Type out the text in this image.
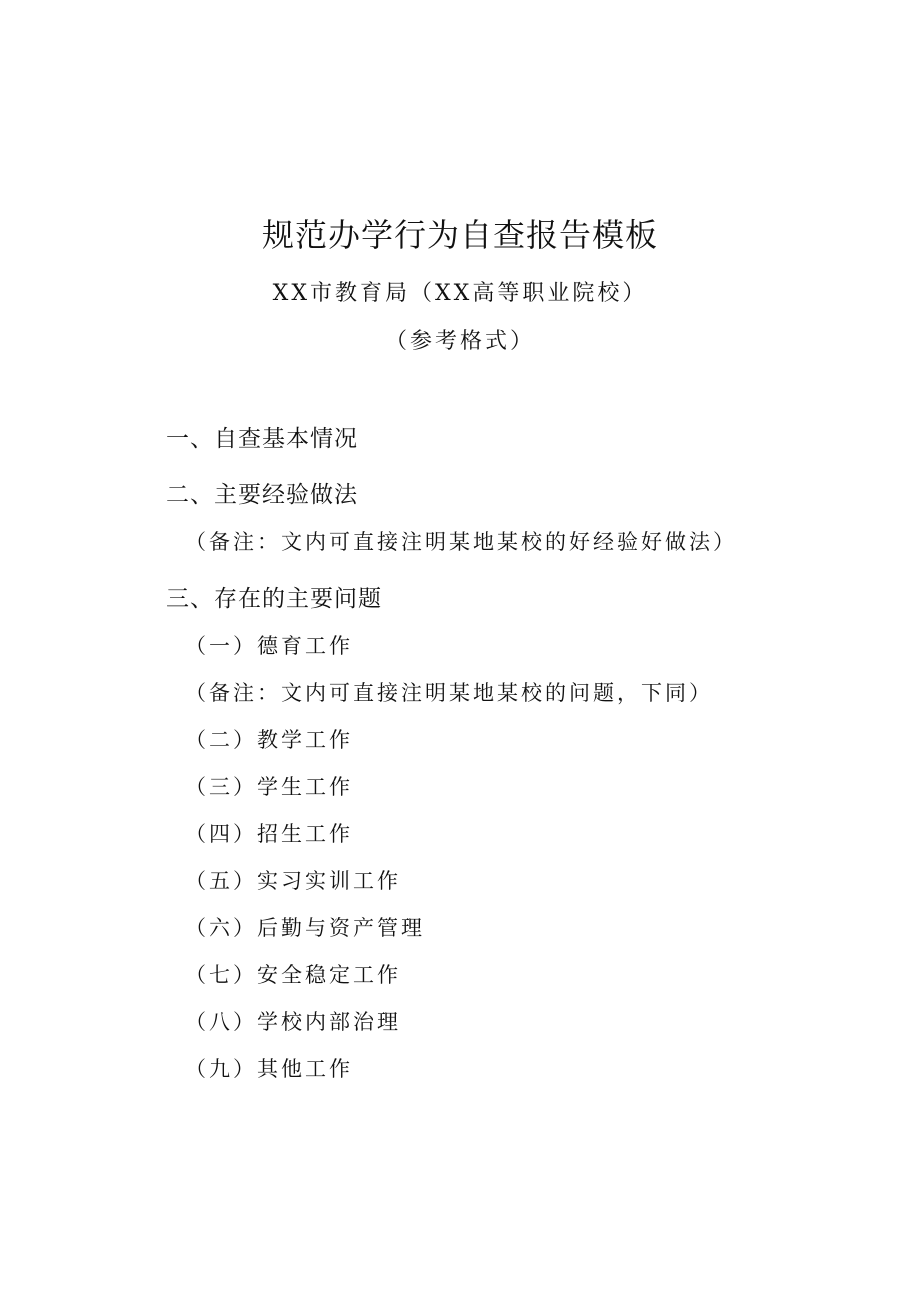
规范办学行为自查报告模板
XX市教育局（XX高等职业院校）
（参考格式）
一、自查基本情况
二、主要经验做法
（备注：文内可直接注明某地某校的好经验好做法）
三、存在的主要问题
（一）德育工作
（备注：文内可直接注明某地某校的问题，下同）
（二）教学工作
（三）学生工作
（四）招生工作
（五）实习实训工作
（六）后勤与资产管理
（七）安全稳定工作
（八）学校内部治理
（九）其他工作
